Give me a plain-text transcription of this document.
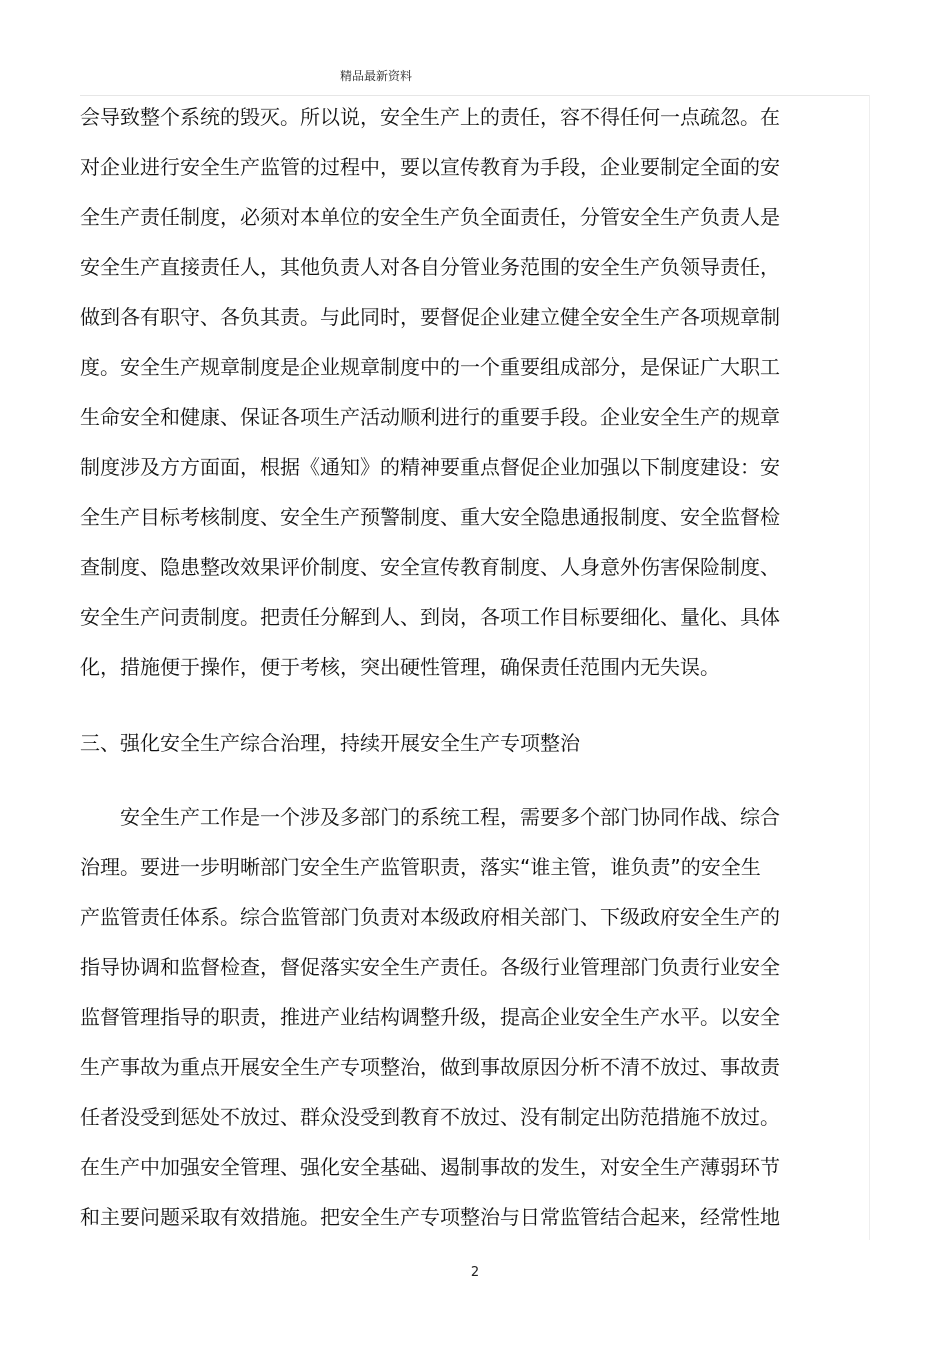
精品最新资料
会导致整个系统的毁灭。所以说，安全生产上的责任，容不得任何一点疏忽。在
对企业进行安全生产监管的过程中，要以宣传教育为手段，企业要制定全面的安
全生产责任制度，必须对本单位的安全生产负全面责任，分管安全生产负责人是
安全生产直接责任人，其他负责人对各自分管业务范围的安全生产负领导责任，
做到各有职守、各负其责。与此同时，要督促企业建立健全安全生产各项规章制
度。安全生产规章制度是企业规章制度中的一个重要组成部分，是保证广大职工
生命安全和健康、保证各项生产活动顺利进行的重要手段。企业安全生产的规章
制度涉及方方面面，根据《通知》的精神要重点督促企业加强以下制度建设：安
全生产目标考核制度、安全生产预警制度、重大安全隐患通报制度、安全监督检
查制度、隐患整改效果评价制度、安全宣传教育制度、人身意外伤害保险制度、
安全生产问责制度。把责任分解到人、到岗，各项工作目标要细化、量化、具体
化，措施便于操作，便于考核，突出硬性管理，确保责任范围内无失误。
三、强化安全生产综合治理，持续开展安全生产专项整治
安全生产工作是一个涉及多部门的系统工程，需要多个部门协同作战、综合
治理。要进一步明晰部门安全生产监管职责，落实“谁主管，谁负责”的安全生
产监管责任体系。综合监管部门负责对本级政府相关部门、下级政府安全生产的
指导协调和监督检查，督促落实安全生产责任。各级行业管理部门负责行业安全
监督管理指导的职责，推进产业结构调整升级，提高企业安全生产水平。以安全
生产事故为重点开展安全生产专项整治，做到事故原因分析不清不放过、事故责
任者没受到惩处不放过、群众没受到教育不放过、没有制定出防范措施不放过。
在生产中加强安全管理、强化安全基础、遏制事故的发生，对安全生产薄弱环节
和主要问题采取有效措施。把安全生产专项整治与日常监管结合起来，经常性地
2
